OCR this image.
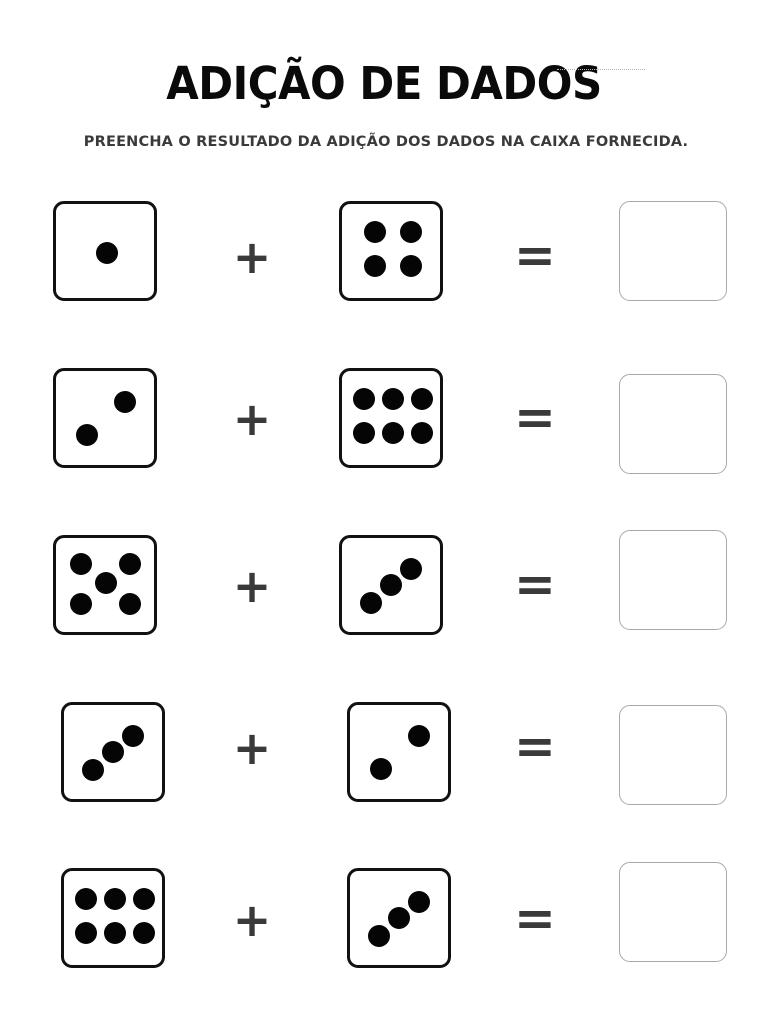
ADIÇÃO DE DADOS

PREENCHA O RESULTADO DA ADIÇÃO DOS DADOS NA CAIXA FORNECIDA.

+	=
+	=
+	=
+	=
+	=
